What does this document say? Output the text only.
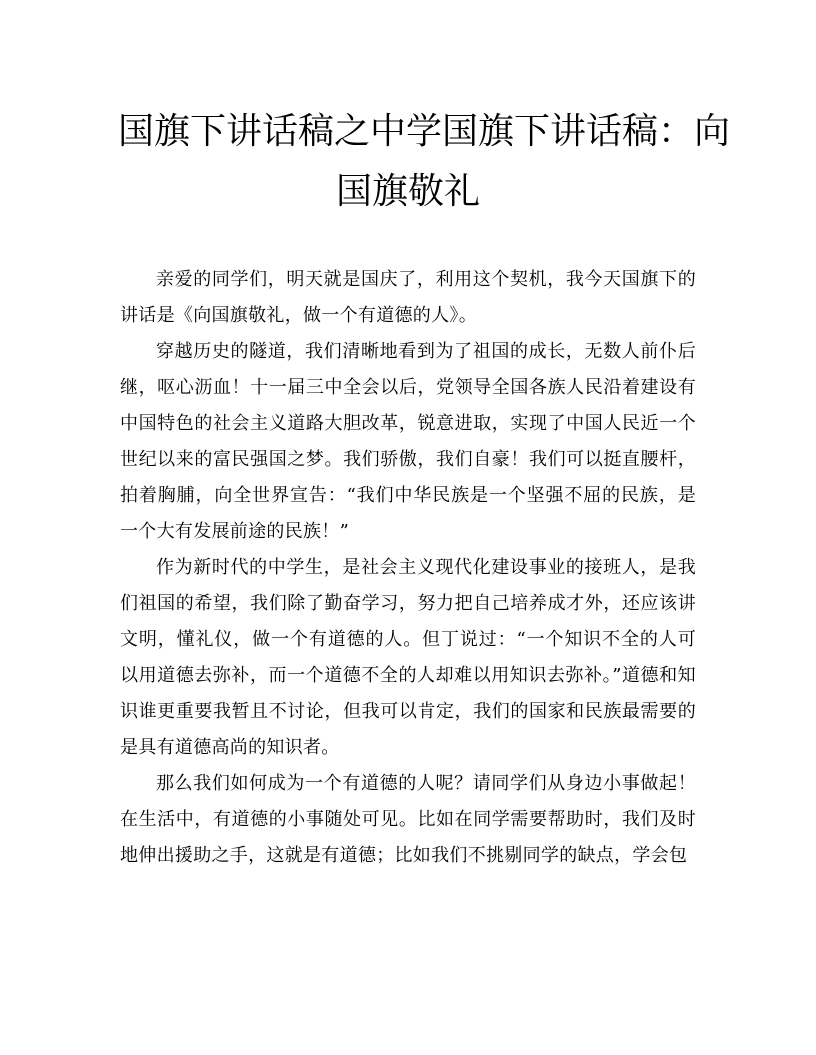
国旗下讲话稿之中学国旗下讲话稿：向
国旗敬礼

亲爱的同学们，明天就是国庆了，利用这个契机，我今天国旗下的讲话是《向国旗敬礼，做一个有道德的人》。

穿越历史的隧道，我们清晰地看到为了祖国的成长，无数人前仆后继，呕心沥血！十一届三中全会以后，党领导全国各族人民沿着建设有中国特色的社会主义道路大胆改革，锐意进取，实现了中国人民近一个世纪以来的富民强国之梦。我们骄傲，我们自豪！我们可以挺直腰杆，拍着胸脯，向全世界宣告：“我们中华民族是一个坚强不屈的民族，是一个大有发展前途的民族！”

作为新时代的中学生，是社会主义现代化建设事业的接班人，是我们祖国的希望，我们除了勤奋学习，努力把自己培养成才外，还应该讲文明，懂礼仪，做一个有道德的人。但丁说过：“一个知识不全的人可以用道德去弥补，而一个道德不全的人却难以用知识去弥补。”道德和知识谁更重要我暂且不讨论，但我可以肯定，我们的国家和民族最需要的是具有道德高尚的知识者。

那么我们如何成为一个有道德的人呢？请同学们从身边小事做起！在生活中，有道德的小事随处可见。比如在同学需要帮助时，我们及时地伸出援助之手，这就是有道德；比如我们不挑剔同学的缺点，学会包
